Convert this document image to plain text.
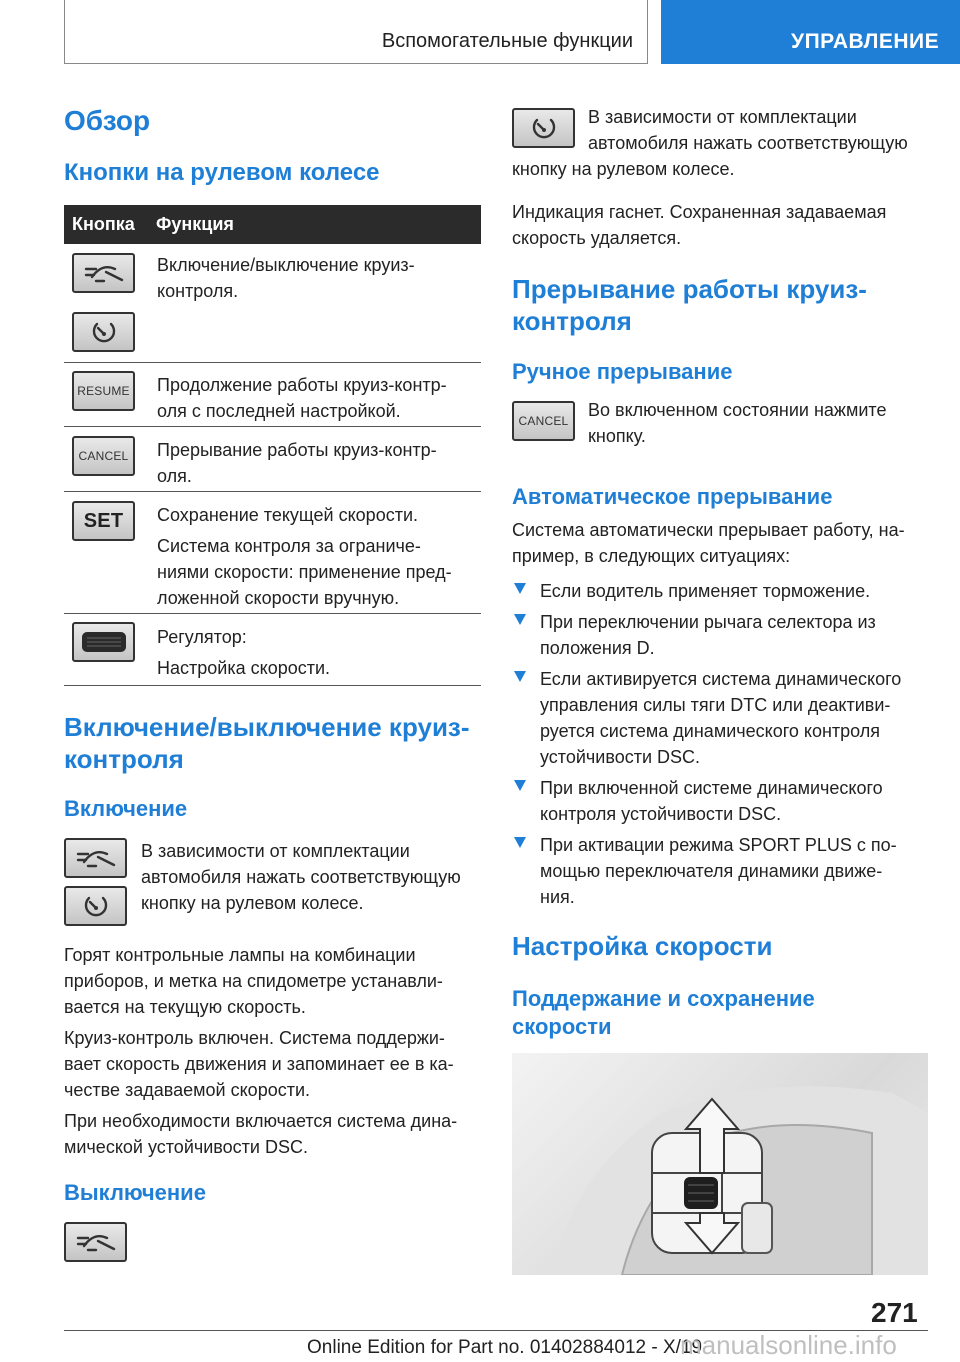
Вспомогательные функции	УПРАВЛЕНИЕ
Обзор
Кнопки на рулевом колесе
Кнопка Функция
Включение/выключение круиз-
контроля.
RESUME Продолжение работы круиз-контр-
оля с последней настройкой.
CANCEL Прерывание работы круиз-контр-
оля.
SET Сохранение текущей скорости.
Система контроля за ограниче-
ниями скорости: применение пред-
ложенной скорости вручную.
Регулятор:
Настройка скорости.
Включение/выключение круиз-
контроля
Включение
В зависимости от комплектации
автомобиля нажать соответствующую
кнопку на рулевом колесе.
Горят контрольные лампы на комбинации
приборов, и метка на спидометре устанавли-
вается на текущую скорость.
Круиз-контроль включен. Система поддержи-
вает скорость движения и запоминает ее в ка-
честве задаваемой скорости.
При необходимости включается система дина-
мической устойчивости DSC.
Выключение
В зависимости от комплектации
автомобиля нажать соответствующую
кнопку на рулевом колесе.
Индикация гаснет. Сохраненная задаваемая
скорость удаляется.
Прерывание работы круиз-
контроля
Ручное прерывание
CANCEL
Во включенном состоянии нажмите
кнопку.
Автоматическое прерывание
Система автоматически прерывает работу, на-
пример, в следующих ситуациях:
Если водитель применяет торможение.
При переключении рычага селектора из
положения D.
Если активируется система динамического
управления силы тяги DTC или деактиви-
руется система динамического контроля
устойчивости DSC.
При включенной системе динамического
контроля устойчивости DSC.
При активации режима SPORT PLUS с по-
мощью переключателя динамики движе-
ния.
Настройка скорости
Поддержание и сохранение
скорости
271
Online Edition for Part no. 01402884012 - X/19
manualsonline.info
